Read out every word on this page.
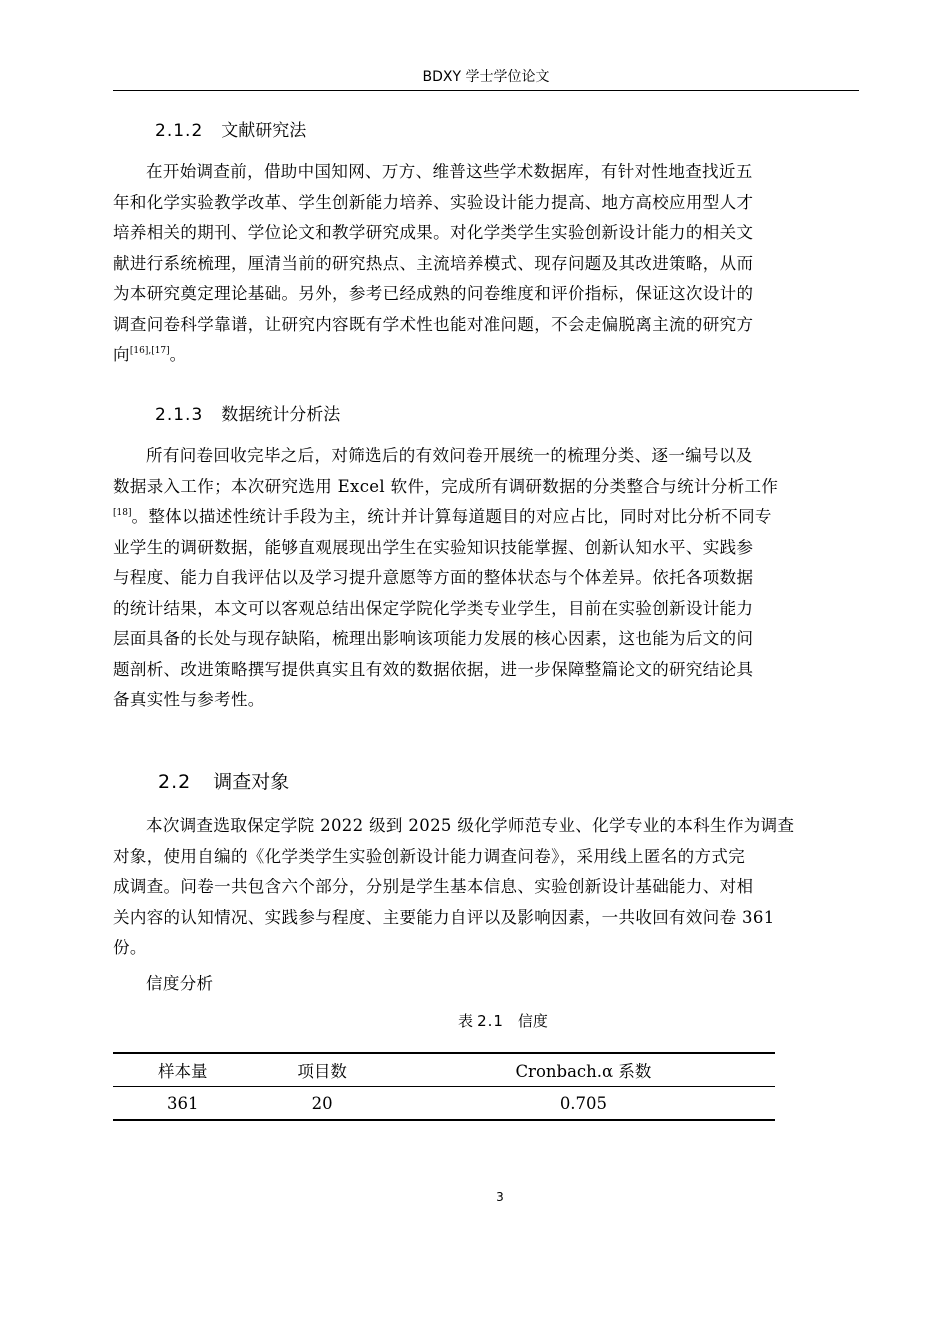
BDXY 学士学位论文
2.1.2 文献研究法
在开始调查前，借助中国知网、万方、维普这些学术数据库，有针对性地查找近五
年和化学实验教学改革、学生创新能力培养、实验设计能力提高、地方高校应用型人才
培养相关的期刊、学位论文和教学研究成果。对化学类学生实验创新设计能力的相关文
献进行系统梳理，厘清当前的研究热点、主流培养模式、现存问题及其改进策略，从而
为本研究奠定理论基础。另外，参考已经成熟的问卷维度和评价指标，保证这次设计的
调查问卷科学靠谱，让研究内容既有学术性也能对准问题，不会走偏脱离主流的研究方
向[16],[17]。
2.1.3 数据统计分析法
所有问卷回收完毕之后，对筛选后的有效问卷开展统一的梳理分类、逐一编号以及
数据录入工作；本次研究选用 Excel 软件，完成所有调研数据的分类整合与统计分析工作
[18]。整体以描述性统计手段为主，统计并计算每道题目的对应占比，同时对比分析不同专
业学生的调研数据，能够直观展现出学生在实验知识技能掌握、创新认知水平、实践参
与程度、能力自我评估以及学习提升意愿等方面的整体状态与个体差异。依托各项数据
的统计结果，本文可以客观总结出保定学院化学类专业学生，目前在实验创新设计能力
层面具备的长处与现存缺陷，梳理出影响该项能力发展的核心因素，这也能为后文的问
题剖析、改进策略撰写提供真实且有效的数据依据，进一步保障整篇论文的研究结论具
备真实性与参考性。
2.2 调查对象
本次调查选取保定学院 2022 级到 2025 级化学师范专业、化学专业的本科生作为调查
对象，使用自编的《化学类学生实验创新设计能力调查问卷》，采用线上匿名的方式完
成调查。问卷一共包含六个部分，分别是学生基本信息、实验创新设计基础能力、对相
关内容的认知情况、实践参与程度、主要能力自评以及影响因素，一共收回有效问卷 361
份。
信度分析
表 2.1 信度
样本量	项目数	Cronbach.α 系数
361	20	0.705
3
